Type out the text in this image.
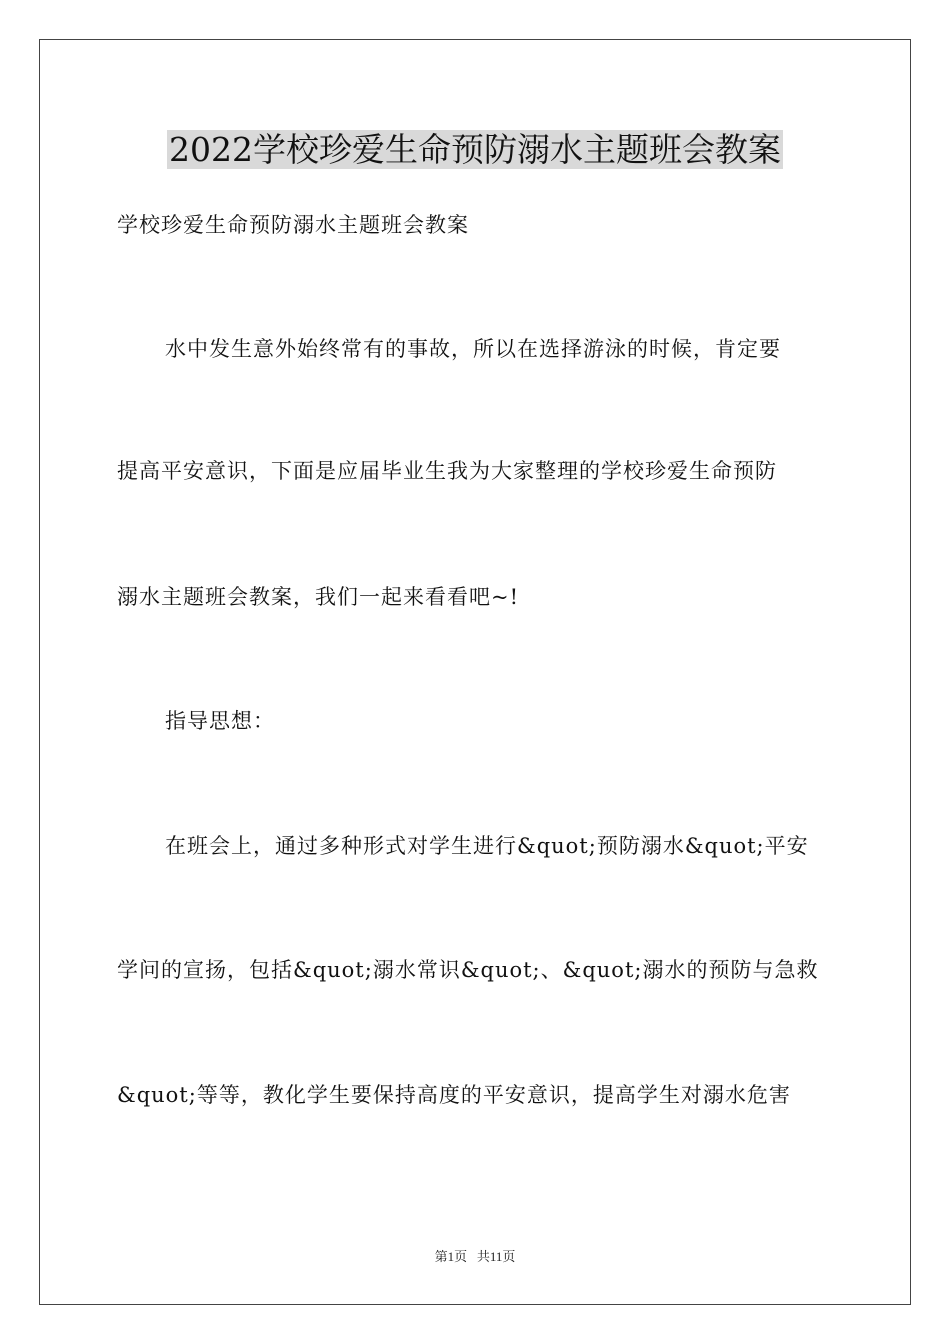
2022学校珍爱生命预防溺水主题班会教案

学校珍爱生命预防溺水主题班会教案

水中发生意外始终常有的事故，所以在选择游泳的时候，肯定要

提高平安意识，下面是应届毕业生我为大家整理的学校珍爱生命预防

溺水主题班会教案，我们一起来看看吧~!

指导思想：

在班会上，通过多种形式对学生进行&quot;预防溺水&quot;平安

学问的宣扬，包括&quot;溺水常识&quot;、&quot;溺水的预防与急救

&quot;等等，教化学生要保持高度的平安意识，提高学生对溺水危害

第1页   共11页
